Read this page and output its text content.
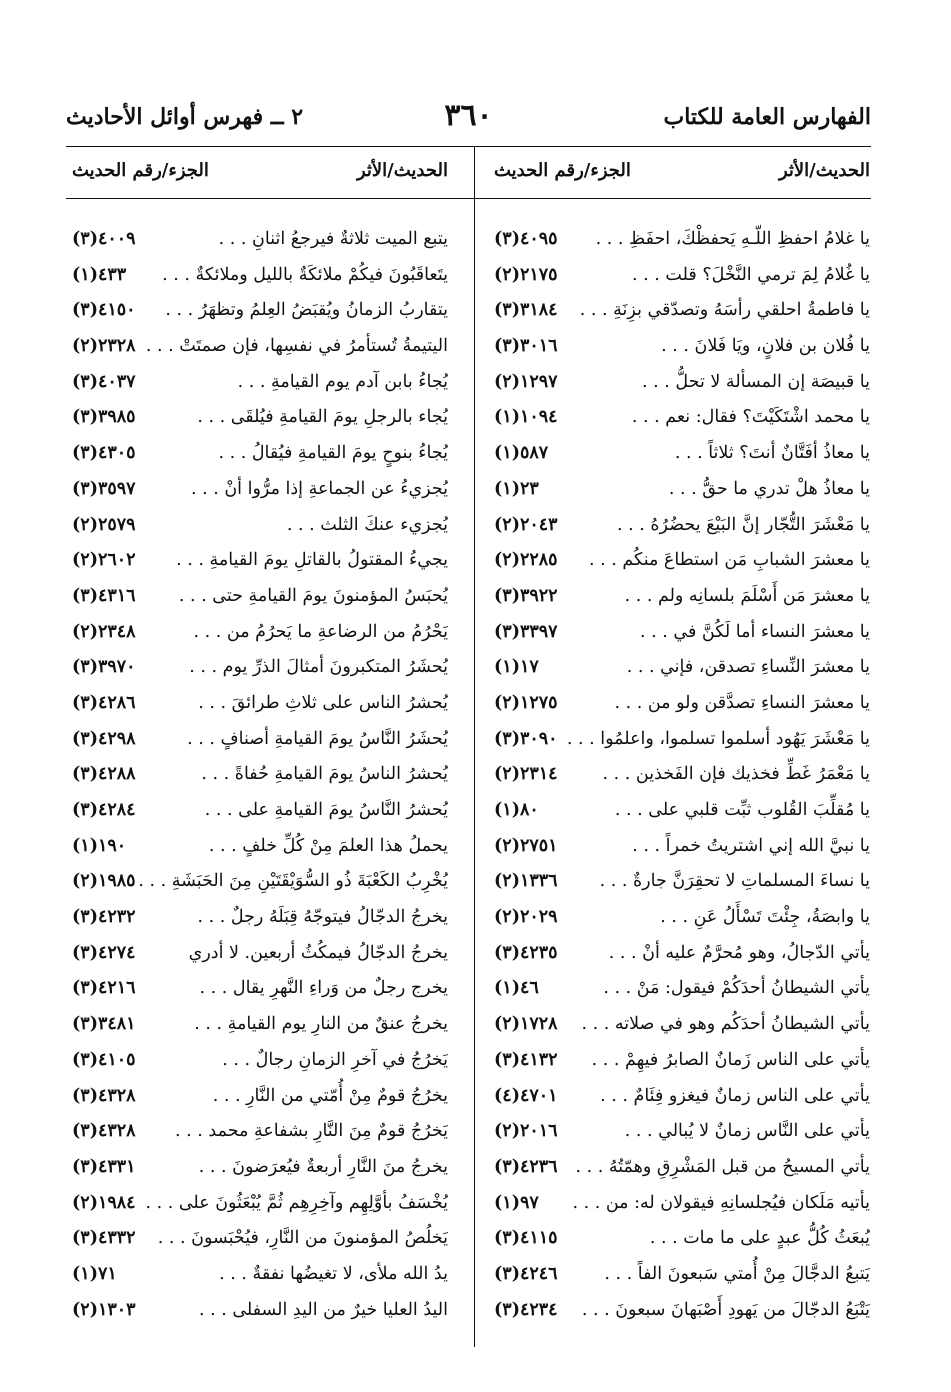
الفهارس العامة للكتاب
٣٦٠
٢ ــ فهرس أوائل الأحاديث
الحديث/الأثر
الجزء/رقم الحديث
الحديث/الأثر
الجزء/رقم الحديث
يا غلامُ احفظِ اللّـهِ يَحفظْكَ، احفَظِ . . .
(٣)٤٠٩٥
يا غُلامُ لِمَ ترمي النَّخْلَ؟ قلت . . .
(٢)٢١٧٥
يا فاطمةُ احلقي رأسَهُ وتصدّقي بزِنَةِ . . .
(٣)٣١٨٤
يا فُلان بن فلانٍ، ويَا فَلانَ . . .
(٣)٣٠١٦
يا قبيصَة إن المسألة لا تحلُّ . . .
(٢)١٢٩٧
يا محمد اشْتَكَيْتَ؟ فقال: نعم . . .
(١)١٠٩٤
يا معاذُ أفَتَّانٌ أنتَ؟ ثلاثاً . . .
(١)٥٨٧
يا معاذُ هلْ تدري ما حقُّ . . .
(١)٢٣
يا مَعْشَرَ التُّجّار إنَّ البَيْعَ يحضُرُهُ . . .
(٢)٢٠٤٣
يا معشرَ الشبابِ مَن استطاعَ منكُم . . .
(٢)٢٢٨٥
يا معشرَ مَن أَسْلَمَ بلسانِه ولم . . .
(٣)٣٩٢٢
يا معشرَ النساء أما لَكُنَّ في . . .
(٣)٣٣٩٧
يا معشرَ النِّساءِ تصدقن، فإني . . .
(١)١٧
يا معشرَ النساءِ تصدَّقن ولو من . . .
(٢)١٢٧٥
يا مَعْشَرَ يَهُود أسلموا تسلموا، واعلمُوا . . .
(٣)٣٠٩٠
يا مَعْمَرُ غَطِّ فخذيك فإن الفَخذين . . .
(٢)٢٣١٤
يا مُقلِّبَ القُلوب ثبِّت قلبي على . . .
(١)٨٠
يا نبيَّ الله إني اشتريتُ خمراً . . .
(٢)٢٧٥١
يا نساءَ المسلماتِ لا تحقِرَنَّ جارةٌ . . .
(٢)١٣٣٦
يا وابصَةُ، جِئْتَ تَسْأَلُ عَنِ . . .
(٢)٢٠٢٩
يأتي الدّجالُ، وهو مُحرَّمٌ عليه أنْ . . .
(٣)٤٢٣٥
يأتي الشيطانُ أحدَكُمْ فيقول: مَنْ . . .
(١)٤٦
يأتي الشيطانُ أحدَكُم وهو في صلاته . . .
(٢)١٧٢٨
يأتي على الناس زَمانٌ الصابرُ فيهِمْ . . .
(٣)٤١٣٢
يأتي على الناس زمانٌ فيغزو فِئَامٌ . . .
(٤)٤٧٠١
يأتي على النَّاس زمانٌ لا يُبالي . . .
(٢)٢٠١٦
يأتي المسيحُ من قبل المَشْرِقِ وهمّتُهُ . . .
(٣)٤٢٣٦
يأتيه مَلَكان فيُجلسانِهِ فيقولان له: من . . .
(١)٩٧
يُبعَثُ كُلُّ عبدٍ على ما مات . . .
(٣)٤١١٥
يَتبعُ الدجَّالَ مِنْ أُمتي سَبعونَ الفاً . . .
(٣)٤٢٤٦
يَتْبَعُ الدجّالَ من يَهودِ أَصْبَهانَ سبعونَ . . .
(٣)٤٢٣٤
يتبع الميت ثلاثةٌ فيرجعُ اثنانِ . . .
(٣)٤٠٠٩
يتَعاقَبُونَ فيكُمْ ملائكَةٌ بالليل وملائكةٌ . . .
(١)٤٣٣
يتقاربُ الزمانُ ويُقبَضُ العِلمُ وتظهَرُ . . .
(٣)٤١٥٠
اليتيمةُ تُستأمرُ في نفسِها، فإن صمتَتْ . . .
(٢)٢٣٢٨
يُجاءُ بابن آدم يوم القيامةِ . . .
(٣)٤٠٣٧
يُجاء بالرجلِ يومَ القيامةِ فيُلقَى . . .
(٣)٣٩٨٥
يُجاءُ بنوحٍ يومَ القيامةِ فيُقالُ . . .
(٣)٤٣٠٥
يُجزيءُ عن الجماعةِ إذا مرُّوا أنْ . . .
(٣)٣٥٩٧
يُجزيء عنكَ الثلث . . .
(٢)٢٥٧٩
يجيءُ المقتولُ بالقاتلِ يومَ القيامةِ . . .
(٢)٢٦٠٢
يُحبَسُ المؤمنونَ يومَ القيامةِ حتى . . .
(٣)٤٣١٦
يَحْرُمُ من الرضاعةِ ما يَحرُمُ من . . .
(٢)٢٣٤٨
يُحشَرُ المتكبرونَ أمثالَ الذرِّ يوم . . .
(٣)٣٩٧٠
يُحشرُ الناس على ثلاثِ طرائقَ . . .
(٣)٤٢٨٦
يُحشَرُ النَّاسُ يومَ القيامةِ أصنافٍ . . .
(٣)٤٢٩٨
يُحشرُ الناسُ يومَ القيامةِ حُفاةً . . .
(٣)٤٢٨٨
يُحشرُ النَّاسُ يومَ القيامةِ على . . .
(٣)٤٢٨٤
يحملُ هذا العلمَ مِنْ كُلِّ خلفٍ . . .
(١)١٩٠
يُخْرِبُ الكَعْبَةَ ذُو السُّوَيْقَتَيْنِ مِنَ الحَبَشَةِ . . .
(٢)١٩٨٥
يخرجُ الدجّالُ فيتوجّهُ قِبَلَهُ رجلٌ . . .
(٣)٤٢٣٢
يخرجُ الدجّالُ فيمكُثُ أربعين. لا أدري
(٣)٤٢٧٤
يخرج رجلٌ من وَراءِ النَّهرِ يقال . . .
(٣)٤٢١٦
يخرجُ عنقٌ من النارِ يوم القيامةِ . . .
(٣)٣٤٨١
يَخرُجُ في آخرِ الزمانِ رجالٌ . . .
(٣)٤١٠٥
يخرُجُ قومٌ مِنْ أُمّتي من النَّارِ . . .
(٣)٤٣٢٨
يَخرُجُ قومٌ مِنَ النَّارِ بشفاعةِ محمد . . .
(٣)٤٣٢٨
يخرجُ منَ النَّارِ أربعةٌ فيُعرَضونَ . . .
(٣)٤٣٣١
يُخْسَفُ بأوَّلِهِم وآخِرِهِم ثُمَّ يُبْعَثُونَ على . . .
(٢)١٩٨٤
يَخلُصُ المؤمنونَ من النَّارِ، فيُحْبَسونَ . . .
(٣)٤٣٣٢
يدُ الله ملأى، لا تغيضُها نفقةٌ . . .
(١)٧١
اليدُ العليا خيرٌ من اليدِ السفلى . . .
(٢)١٣٠٣
